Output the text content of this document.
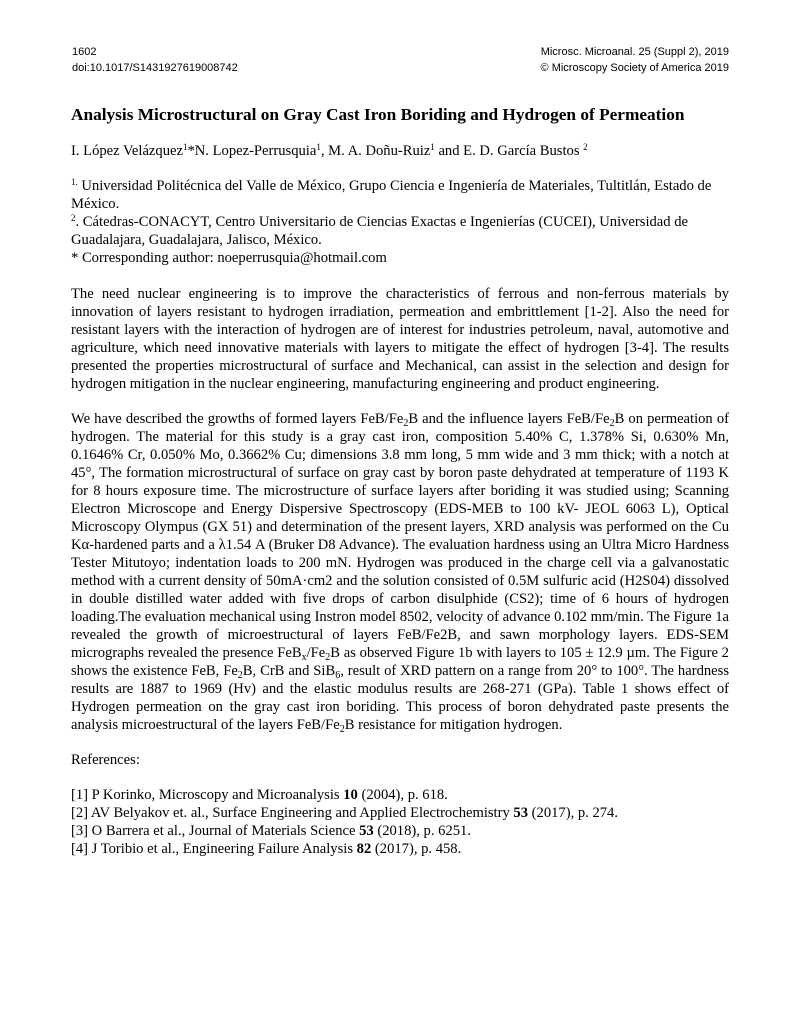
1602
doi:10.1017/S1431927619008742
Microsc. Microanal. 25 (Suppl 2), 2019
© Microscopy Society of America 2019
Analysis Microstructural on Gray Cast Iron Boriding and Hydrogen of Permeation
I. López Velázquez$^1$*N. Lopez-Perrusquia$^1$, M. A. Doñu-Ruiz$^1$ and E. D. García Bustos $^2$
$^{1.}$ Universidad Politécnica del Valle de México, Grupo Ciencia e Ingeniería de Materiales, Tultitlán, Estado de México.
$^2$. Cátedras-CONACYT, Centro Universitario de Ciencias Exactas e Ingenierías (CUCEI), Universidad de Guadalajara, Guadalajara, Jalisco, México.
* Corresponding author: noeperrusquia@hotmail.com

The need nuclear engineering is to improve the characteristics of ferrous and non-ferrous materials by innovation of layers resistant to hydrogen irradiation, permeation and embrittlement [1-2]. Also the need for resistant layers with the interaction of hydrogen are of interest for industries petroleum, naval, automotive and agriculture, which need innovative materials with layers to mitigate the effect of hydrogen [3-4]. The results presented the properties microstructural of surface and Mechanical, can assist in the selection and design for hydrogen mitigation in the nuclear engineering, manufacturing engineering and product engineering.

We have described the growths of formed layers FeB/$Fe_2B$ and the influence layers FeB/$Fe_2B$ on permeation of hydrogen. The material for this study is a gray cast iron, composition 5.40% C, 1.378% Si, 0.630% Mn, 0.1646% Cr, 0.050% Mo, 0.3662% Cu; dimensions 3.8 mm long, 5 mm wide and 3 mm thick; with a notch at 45°, The formation microstructural of surface on gray cast by boron paste dehydrated at temperature of 1193 K for 8 hours exposure time. The microstructure of surface layers after boriding it was studied using; Scanning Electron Microscope and Energy Dispersive Spectroscopy (EDS-MEB to 100 kV- JEOL 6063 L), Optical Microscopy Olympus (GX 51) and determination of the present layers, XRD analysis was performed on the Cu Kα-hardened parts and a λ1.54 A (Bruker D8 Advance). The evaluation hardness using an Ultra Micro Hardness Tester Mitutoyo; indentation loads to 200 mN. Hydrogen was produced in the charge cell via a galvanostatic method with a current density of 50mA·cm2 and the solution consisted of 0.5M sulfuric acid (H2S04) dissolved in double distilled water added with five drops of carbon disulphide (CS2); time of 6 hours of hydrogen loading.The evaluation mechanical using Instron model 8502, velocity of advance 0.102 mm/min. The Figure 1a revealed the growth of microestructural of layers FeB/Fe2B, and sawn morphology layers. EDS-SEM micrographs revealed the presence $FeB_x/Fe_2B$ as observed Figure 1b with layers to 105 ± 12.9 µm. The Figure 2 shows the existence FeB, $Fe_2B$, CrB and SiB$_6$, result of XRD pattern on a range from 20° to 100°. The hardness results are 1887 to 1969 (Hv) and the elastic modulus results are 268-271 (GPa). Table 1 shows effect of Hydrogen permeation on the gray cast iron boriding. This process of boron dehydrated paste presents the analysis microestructural of the layers FeB/$Fe_2B$ resistance for mitigation hydrogen.

References:
[1] P Korinko, Microscopy and Microanalysis 10 (2004), p. 618.
[2] AV Belyakov et. al., Surface Engineering and Applied Electrochemistry 53 (2017), p. 274.
[3] O Barrera et al., Journal of Materials Science 53 (2018), p. 6251.
[4] J Toribio et al., Engineering Failure Analysis 82 (2017), p. 458.
